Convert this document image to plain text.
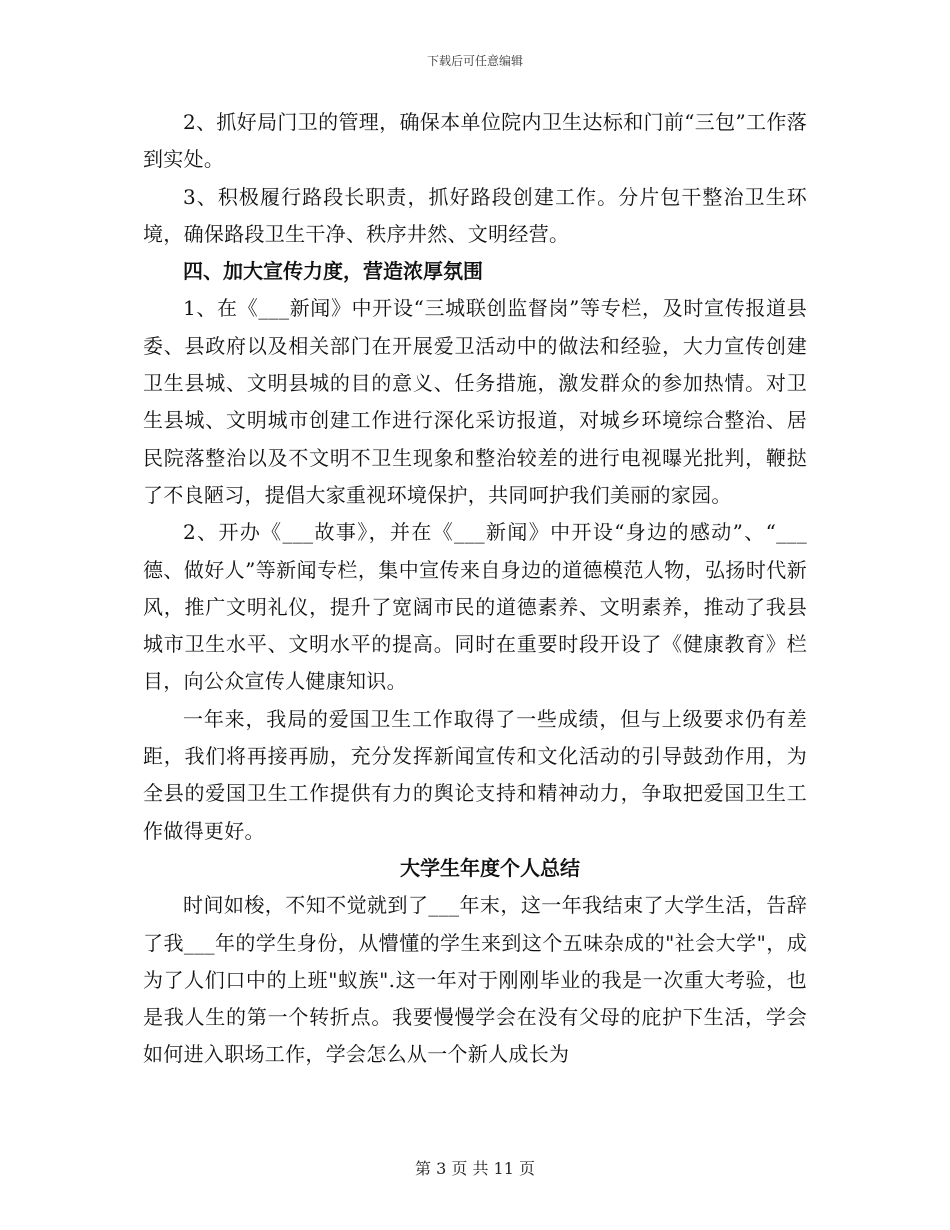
下载后可任意编辑

2、抓好局门卫的管理，确保本单位院内卫生达标和门前“三包”工作落到实处。

3、积极履行路段长职责，抓好路段创建工作。分片包干整治卫生环境，确保路段卫生干净、秩序井然、文明经营。

四、加大宣传力度，营造浓厚氛围

1、在《___新闻》中开设“三城联创监督岗”等专栏，及时宣传报道县委、县政府以及相关部门在开展爱卫活动中的做法和经验，大力宣传创建卫生县城、文明县城的目的意义、任务措施，激发群众的参加热情。对卫生县城、文明城市创建工作进行深化采访报道，对城乡环境综合整治、居民院落整治以及不文明不卫生现象和整治较差的进行电视曝光批判，鞭挞了不良陋习，提倡大家重视环境保护，共同呵护我们美丽的家园。

2、开办《___故事》，并在《___新闻》中开设“身边的感动”、“___德、做好人”等新闻专栏，集中宣传来自身边的道德模范人物，弘扬时代新风，推广文明礼仪，提升了宽阔市民的道德素养、文明素养，推动了我县城市卫生水平、文明水平的提高。同时在重要时段开设了《健康教育》栏目，向公众宣传人健康知识。

一年来，我局的爱国卫生工作取得了一些成绩，但与上级要求仍有差距，我们将再接再励，充分发挥新闻宣传和文化活动的引导鼓劲作用，为全县的爱国卫生工作提供有力的舆论支持和精神动力，争取把爱国卫生工作做得更好。

大学生年度个人总结

时间如梭，不知不觉就到了___年末，这一年我结束了大学生活，告辞了我___年的学生身份，从懵懂的学生来到这个五味杂成的"社会大学"，成为了人们口中的上班"蚁族".这一年对于刚刚毕业的我是一次重大考验，也是我人生的第一个转折点。我要慢慢学会在没有父母的庇护下生活，学会如何进入职场工作，学会怎么从一个新人成长为

第 3 页 共 11 页
